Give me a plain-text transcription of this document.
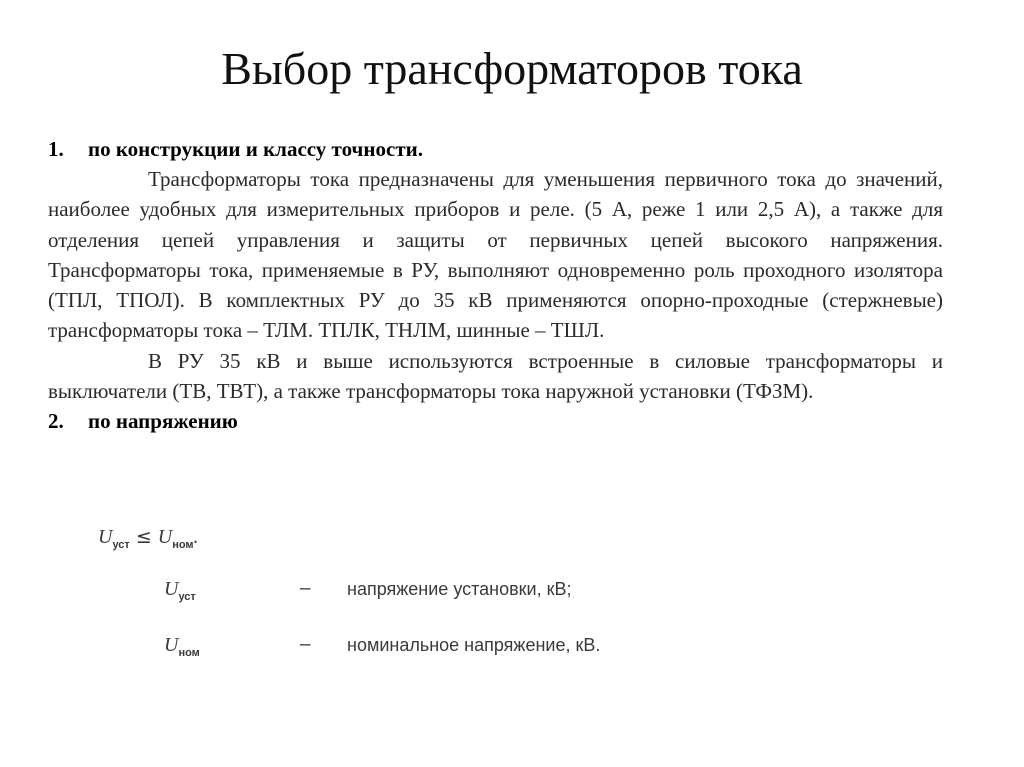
Выбор трансформаторов тока

1. по конструкции и классу точности.

Трансформаторы тока предназначены для уменьшения первичного тока до значений, наиболее удобных для измерительных приборов и реле. (5 А, реже 1 или 2,5 А), а также для отделения цепей управления и защиты от первичных цепей высокого напряжения. Трансформаторы тока, применяемые в РУ, выполняют одновременно роль проходного изолятора (ТПЛ, ТПОЛ). В комплектных РУ до 35 кВ применяются опорно-проходные (стержневые) трансформаторы тока – ТЛМ. ТПЛК, ТНЛМ, шинные – ТШЛ.

В РУ 35 кВ и выше используются встроенные в силовые трансформаторы и выключатели (ТВ, ТВТ), а также трансформаторы тока наружной установки (ТФЗМ).

2. по напряжению

$U_{уст} \le U_{ном}$.
$U_{уст}$	– напряжение установки, кВ;
$U_{ном}$	– номинальное напряжение, кВ.
